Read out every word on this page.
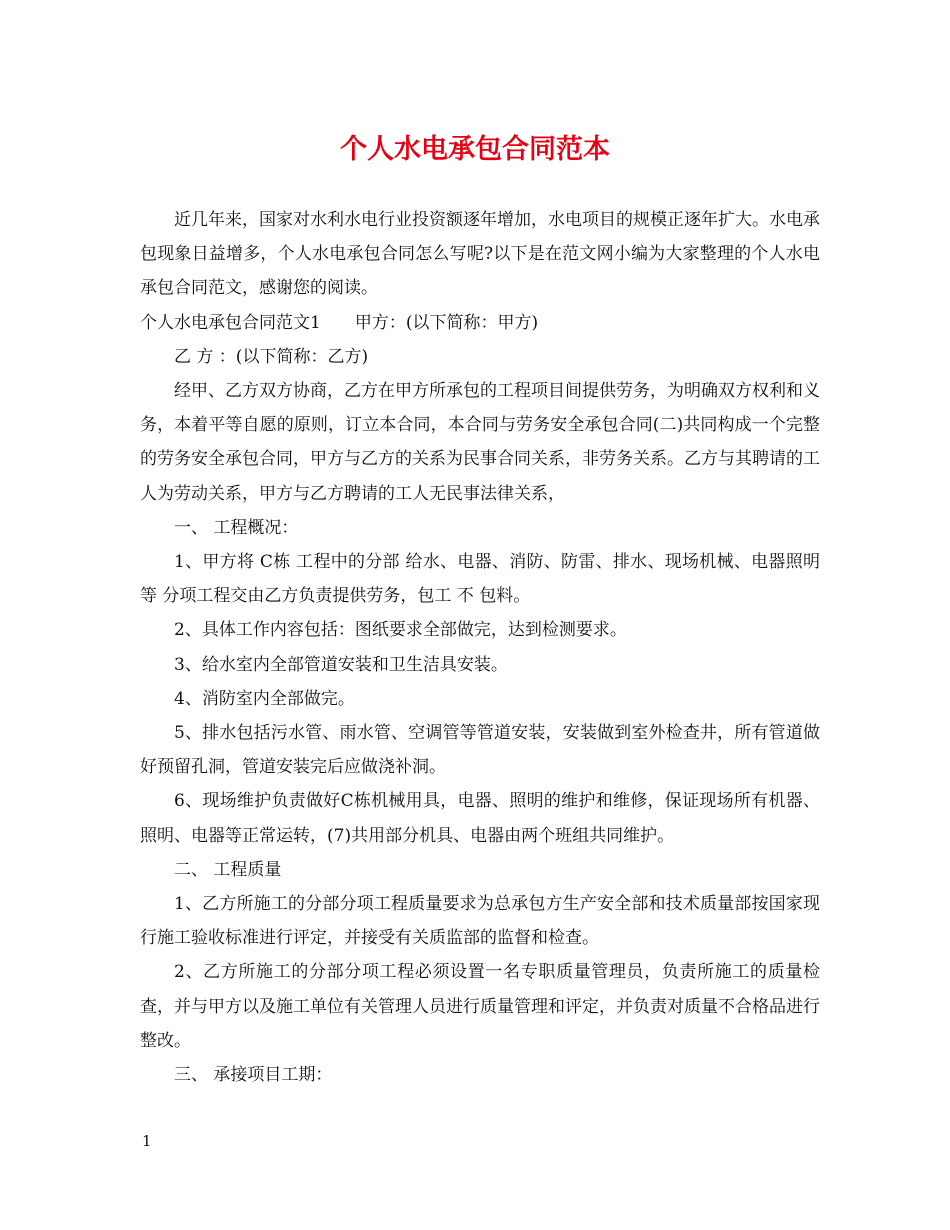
个人水电承包合同范本

近几年来，国家对水利水电行业投资额逐年增加，水电项目的规模正逐年扩大。水电承包现象日益增多，个人水电承包合同怎么写呢?以下是在范文网小编为大家整理的个人水电承包合同范文，感谢您的阅读。

个人水电承包合同范文1　　甲方：(以下简称：甲方)

乙 方 ：(以下简称：乙方)

经甲、乙方双方协商，乙方在甲方所承包的工程项目间提供劳务，为明确双方权利和义务，本着平等自愿的原则，订立本合同，本合同与劳务安全承包合同(二)共同构成一个完整的劳务安全承包合同，甲方与乙方的关系为民事合同关系，非劳务关系。乙方与其聘请的工人为劳动关系，甲方与乙方聘请的工人无民事法律关系，

一、 工程概况：

1、甲方将 C栋 工程中的分部 给水、电器、消防、防雷、排水、现场机械、电器照明等 分项工程交由乙方负责提供劳务，包工 不 包料。

2、具体工作内容包括：图纸要求全部做完，达到检测要求。

3、给水室内全部管道安装和卫生洁具安装。

4、消防室内全部做完。

5、排水包括污水管、雨水管、空调管等管道安装，安装做到室外检查井，所有管道做好预留孔洞，管道安装完后应做浇补洞。

6、现场维护负责做好C栋机械用具，电器、照明的维护和维修，保证现场所有机器、照明、电器等正常运转，(7)共用部分机具、电器由两个班组共同维护。

二、 工程质量

1、乙方所施工的分部分项工程质量要求为总承包方生产安全部和技术质量部按国家现行施工验收标准进行评定，并接受有关质监部的监督和检查。

2、乙方所施工的分部分项工程必须设置一名专职质量管理员，负责所施工的质量检查，并与甲方以及施工单位有关管理人员进行质量管理和评定，并负责对质量不合格品进行整改。

三、 承接项目工期：

1
